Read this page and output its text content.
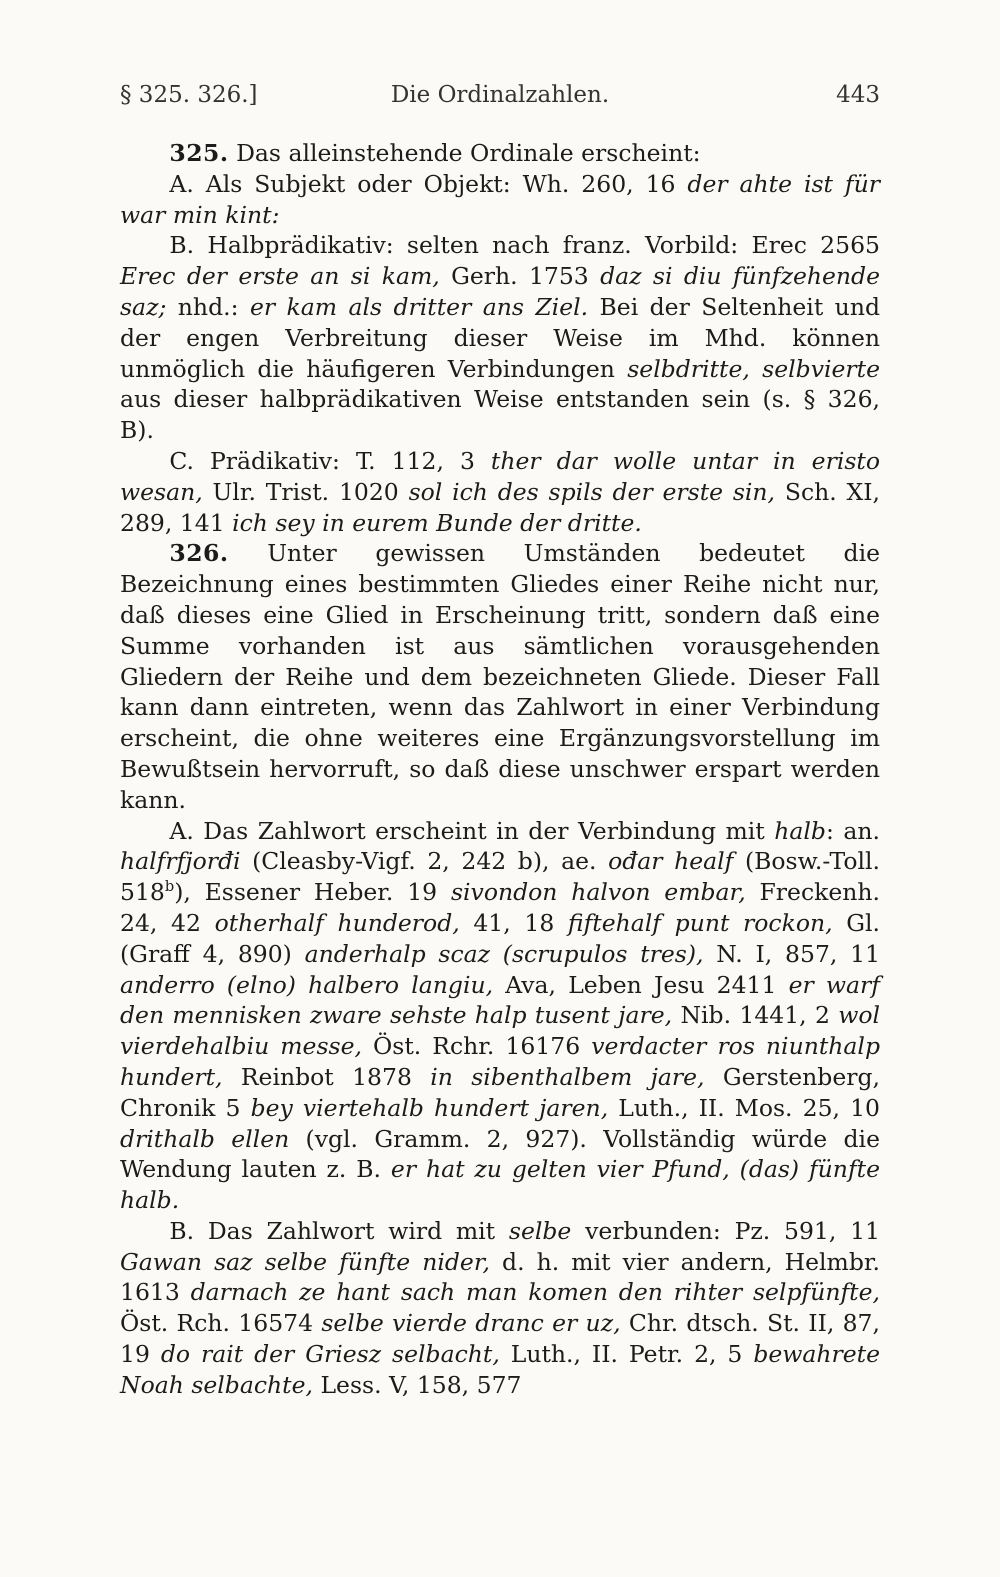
§ 325. 326.]	Die Ordinalzahlen.	443

325. Das alleinstehende Ordinale erscheint:

A. Als Subjekt oder Objekt: Wh. 260, 16 der ahte ist für war min kint:

B. Halbprädikativ: selten nach franz. Vorbild: Erec 2565 Erec der erste an si kam, Gerh. 1753 daz si diu fünfzehende saz; nhd.: er kam als dritter ans Ziel. Bei der Seltenheit und der engen Verbreitung dieser Weise im Mhd. können unmöglich die häufigeren Verbindungen selbdritte, selbvierte aus dieser halbprädikativen Weise entstanden sein (s. § 326, B).

C. Prädikativ: T. 112, 3 ther dar wolle untar in eristo wesan, Ulr. Trist. 1020 sol ich des spils der erste sin, Sch. XI, 289, 141 ich sey in eurem Bunde der dritte.

326. Unter gewissen Umständen bedeutet die Bezeichnung eines bestimmten Gliedes einer Reihe nicht nur, daß dieses eine Glied in Erscheinung tritt, sondern daß eine Summe vorhanden ist aus sämtlichen vorausgehenden Gliedern der Reihe und dem bezeichneten Gliede. Dieser Fall kann dann eintreten, wenn das Zahlwort in einer Verbindung erscheint, die ohne weiteres eine Ergänzungsvorstellung im Bewußtsein hervorruft, so daß diese unschwer erspart werden kann.

A. Das Zahlwort erscheint in der Verbindung mit halb: an. halfrfjorđi (Cleasby-Vigf. 2, 242 b), ae. ođar healf (Bosw.-Toll. 518$^b$), Essener Heber. 19 sivondon halvon embar, Freckenh. 24, 42 otherhalf hunderod, 41, 18 fiftehalf punt rockon, Gl. (Graff 4, 890) anderhalp scaz (scrupulos tres), N. I, 857, 11 anderro (elno) halbero langiu, Ava, Leben Jesu 2411 er warf den mennisken zware sehste halp tusent jare, Nib. 1441, 2 wol vierdehalbiu messe, Öst. Rchr. 16176 verdacter ros niunthalp hundert, Reinbot 1878 in sibenthalbem jare, Gerstenberg, Chronik 5 bey viertehalb hundert jaren, Luth., II. Mos. 25, 10 drithalb ellen (vgl. Gramm. 2, 927). Vollständig würde die Wendung lauten z. B. er hat zu gelten vier Pfund, (das) fünfte halb.

B. Das Zahlwort wird mit selbe verbunden: Pz. 591, 11 Gawan saz selbe fünfte nider, d. h. mit vier andern, Helmbr. 1613 darnach ze hant sach man komen den rihter selpfünfte, Öst. Rch. 16574 selbe vierde dranc er uz, Chr. dtsch. St. II, 87, 19 do rait der Griesz selbacht, Luth., II. Petr. 2, 5 bewahrete Noah selbachte, Less. V, 158, 577
